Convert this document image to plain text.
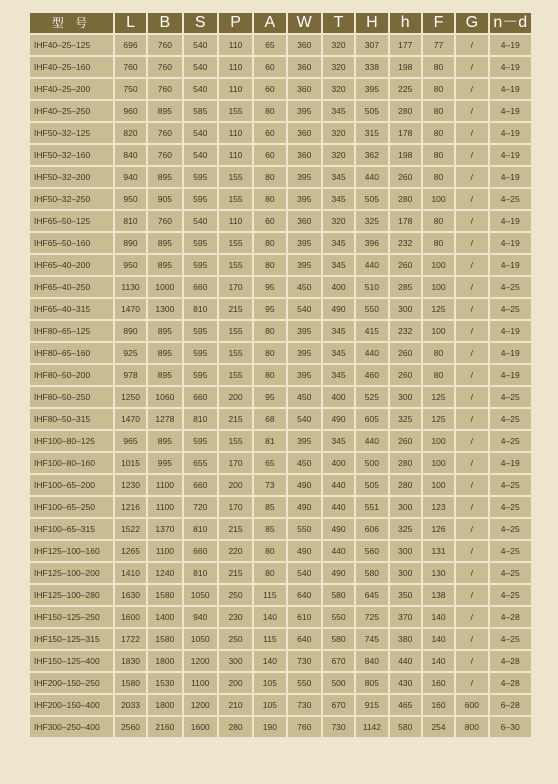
型 号	L	B	S	P	A	W	T	H	h	F	G	n－d
IHF40–25–125	696	760	540	110	65	360	320	307	177	77	/	4–19
IHF40–25–160	760	760	540	110	60	360	320	338	198	80	/	4–19
IHF40–25–200	750	760	540	110	60	360	320	395	225	80	/	4–19
IHF40–25–250	960	895	585	155	80	395	345	505	280	80	/	4–19
IHF50–32–125	820	760	540	110	60	360	320	315	178	80	/	4–19
IHF50–32–160	840	760	540	110	60	360	320	362	198	80	/	4–19
IHF50–32–200	940	895	595	155	80	395	345	440	260	80	/	4–19
IHF50–32–250	950	905	595	155	80	395	345	505	280	100	/	4–25
IHF65–50–125	810	760	540	110	60	360	320	325	178	80	/	4–19
IHF65–50–160	890	895	595	155	80	395	345	396	232	80	/	4–19
IHF65–40–200	950	895	595	155	80	395	345	440	260	100	/	4–19
IHF65–40–250	1130	1000	660	170	95	450	400	510	285	100	/	4–25
IHF65–40–315	1470	1300	810	215	95	540	490	550	300	125	/	4–25
IHF80–65–125	890	895	595	155	80	395	345	415	232	100	/	4–19
IHF80–65–160	925	895	595	155	80	395	345	440	260	80	/	4–19
IHF80–50–200	978	895	595	155	80	395	345	460	260	80	/	4–19
IHF80–50–250	1250	1060	660	200	95	450	400	525	300	125	/	4–25
IHF80–50–315	1470	1278	810	215	68	540	490	605	325	125	/	4–25
IHF100–80–125	965	895	595	155	81	395	345	440	260	100	/	4–25
IHF100–80–160	1015	995	655	170	65	450	400	500	280	100	/	4–19
IHF100–65–200	1230	1100	660	200	73	490	440	505	280	100	/	4–25
IHF100–65–250	1216	1100	720	170	85	490	440	551	300	123	/	4–25
IHF100–65–315	1522	1370	810	215	85	550	490	606	325	126	/	4–25
IHF125–100–160	1265	1100	660	220	80	490	440	560	300	131	/	4–25
IHF125–100–200	1410	1240	810	215	80	540	490	580	300	130	/	4–25
IHF125–100–280	1630	1580	1050	250	115	640	580	645	350	138	/	4–25
IHF150–125–250	1600	1400	940	230	140	610	550	725	370	140	/	4–28
IHF150–125–315	1722	1580	1050	250	115	640	580	745	380	140	/	4–25
IHF150–125–400	1830	1800	1200	300	140	730	670	840	440	140	/	4–28
IHF200–150–250	1580	1530	1100	200	105	550	500	805	430	160	/	4–28
IHF200–150–400	2033	1800	1200	210	105	730	670	915	465	160	600	6–28
IHF300–250–400	2560	2160	1600	280	190	760	730	1142	580	254	800	6–30
